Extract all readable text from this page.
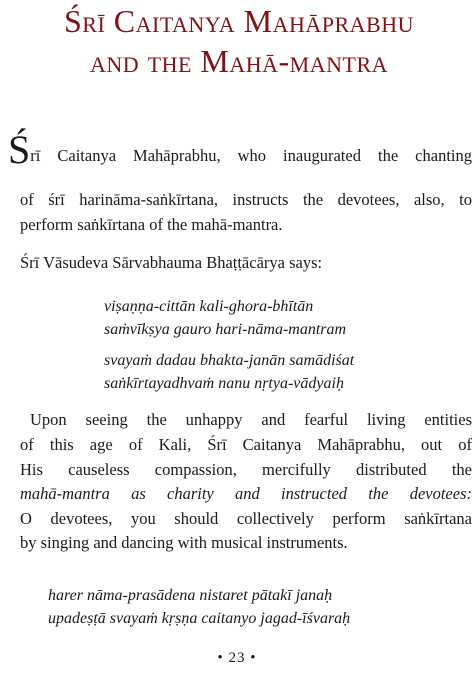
Śrī Caitanya Mahāprabhu
and the Mahā-mantra
Śrī Caitanya Mahāprabhu, who inaugurated the chanting
of śrī harināma-saṅkīrtana, instructs the devotees, also, to
perform saṅkīrtana of the mahā-mantra.
Śrī Vāsudeva Sārvabhauma Bhaṭṭācārya says:
viṣaṇṇa-cittān kali-ghora-bhītān
saṁvīkṣya gauro hari-nāma-mantram
svayaṁ dadau bhakta-janān samādiśat
saṅkīrtayadhvaṁ nanu nṛtya-vādyaiḥ
Upon seeing the unhappy and fearful living entities
of this age of Kali, Śrī Caitanya Mahāprabhu, out of
His causeless compassion, mercifully distributed the
mahā-mantra as charity and instructed the devotees:
O devotees, you should collectively perform saṅkīrtana
by singing and dancing with musical instruments.
harer nāma-prasādena nistaret pātakī janaḥ
upadeṣṭā svayaṁ kṛṣṇa caitanyo jagad-īśvaraḥ
• 23 •
